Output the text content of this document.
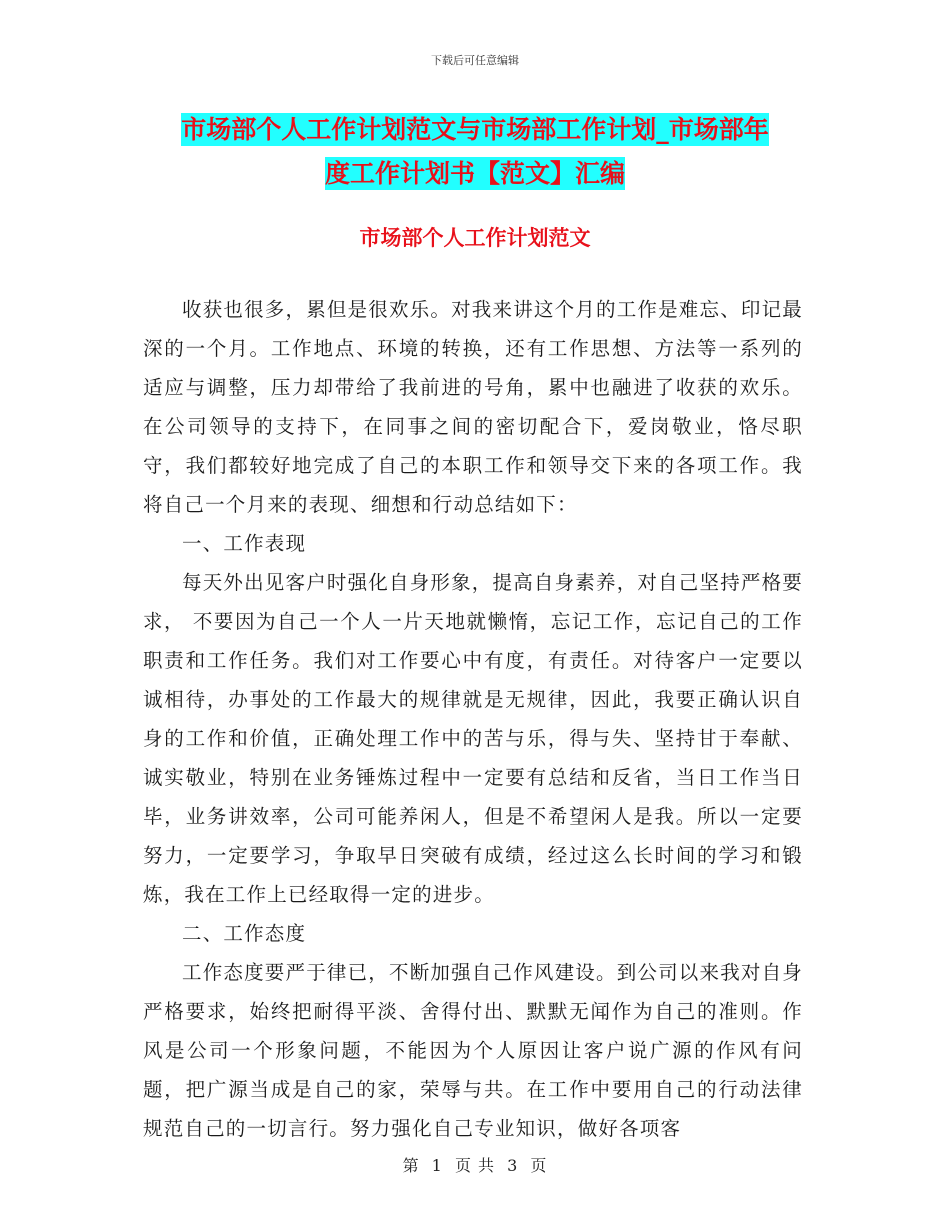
下载后可任意编辑
市场部个人工作计划范文与市场部工作计划_市场部年
度工作计划书【范文】汇编
市场部个人工作计划范文

收获也很多，累但是很欢乐。对我来讲这个月的工作是难忘、印记最深的一个月。工作地点、环境的转换，还有工作思想、方法等一系列的适应与调整，压力却带给了我前进的号角，累中也融进了收获的欢乐。在公司领导的支持下，在同事之间的密切配合下，爱岗敬业，恪尽职守，我们都较好地完成了自己的本职工作和领导交下来的各项工作。我将自己一个月来的表现、细想和行动总结如下：

一、工作表现

每天外出见客户时强化自身形象，提高自身素养，对自己坚持严格要求， 不要因为自己一个人一片天地就懒惰，忘记工作，忘记自己的工作职责和工作任务。我们对工作要心中有度，有责任。对待客户一定要以诚相待，办事处的工作最大的规律就是无规律，因此，我要正确认识自身的工作和价值，正确处理工作中的苦与乐，得与失、坚持甘于奉献、诚实敬业，特别在业务锤炼过程中一定要有总结和反省，当日工作当日毕，业务讲效率，公司可能养闲人，但是不希望闲人是我。所以一定要努力，一定要学习，争取早日突破有成绩，经过这么长时间的学习和锻炼，我在工作上已经取得一定的进步。

二、工作态度

工作态度要严于律已，不断加强自己作风建设。到公司以来我对自身严格要求，始终把耐得平淡、舍得付出、默默无闻作为自己的准则。作风是公司一个形象问题，不能因为个人原因让客户说广源的作风有问题，把广源当成是自己的家，荣辱与共。在工作中要用自己的行动法律规范自己的一切言行。努力强化自己专业知识，做好各项客

第 1 页 共 3 页
